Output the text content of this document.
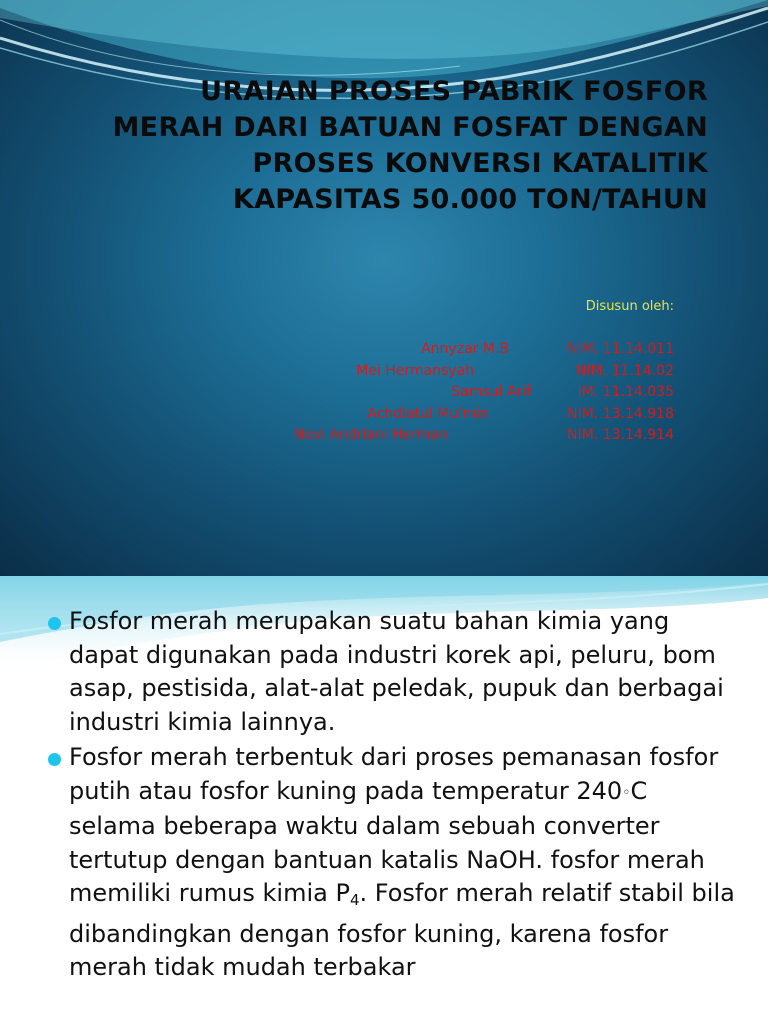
URAIAN PROSES PABRIK FOSFOR
MERAH DARI BATUAN FOSFAT DENGAN
PROSES KONVERSI KATALITIK
KAPASITAS 50.000 TON/TAHUN
Disusun oleh:
Annyzar M.B	NIM. 11.14.011
Mei Hermansyah	NIM. 11.14.02
Samsul Arif	IM. 11.14.035
Achdiatul Mu’min	NIM. 13.14.918
Novi Andriani Herman	NIM. 13.14.914
Fosfor merah merupakan suatu bahan kimia yang dapat digunakan pada industri korek api, peluru, bom asap, pestisida, alat-alat peledak, pupuk dan berbagai industri kimia lainnya.
Fosfor merah terbentuk dari proses pemanasan fosfor putih atau fosfor kuning pada temperatur 240◦C selama beberapa waktu dalam sebuah converter tertutup dengan bantuan katalis NaOH. fosfor merah memiliki rumus kimia P4. Fosfor merah relatif stabil bila dibandingkan dengan fosfor kuning, karena fosfor merah tidak mudah terbakar
